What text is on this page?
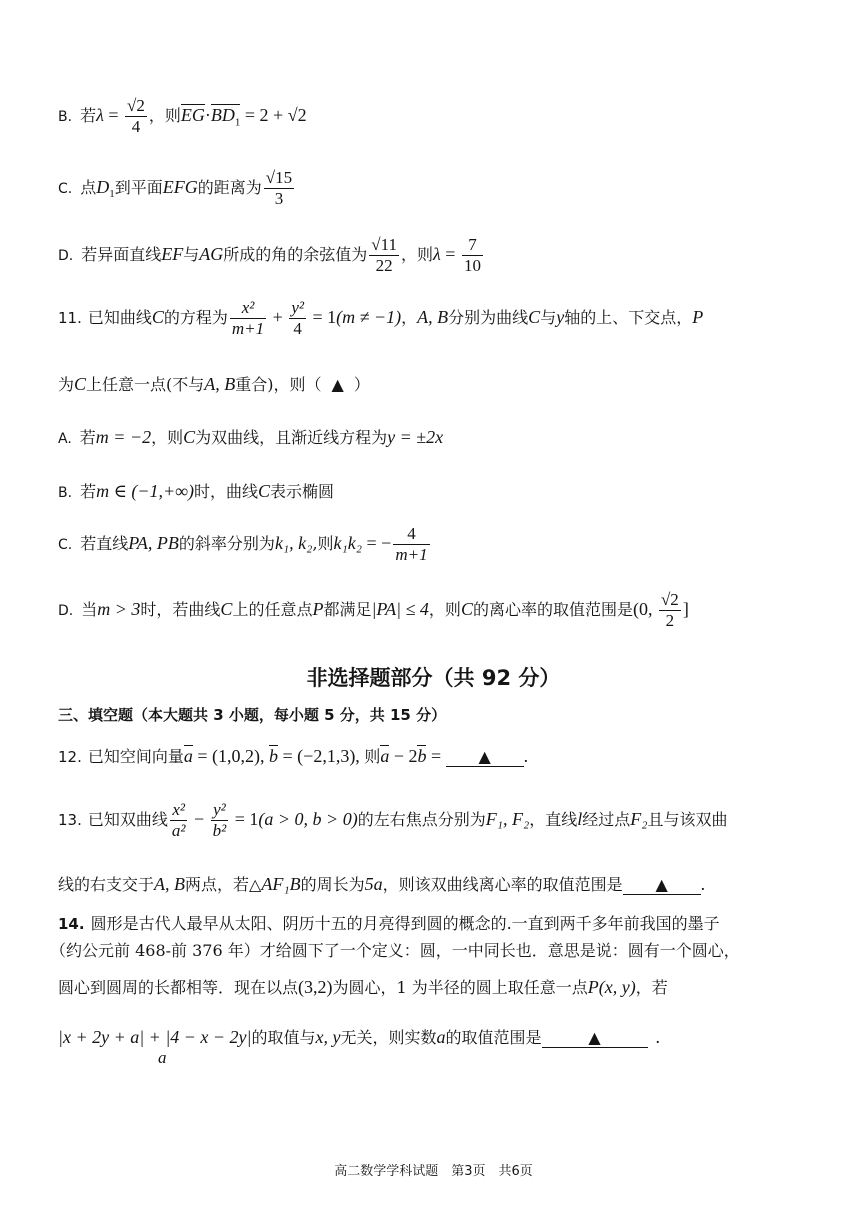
B. 若$\lambda = \frac{√2}{4}$ ，则$EG\cdot BD_1 = 2 + √2$
C. 点$D_1$到平面EFG的距离为 $\frac{√15}{3}$
D. 若异面直线EF与AG所成的角的余弦值为 $\frac{√11}{22}$ ，则$\lambda = \frac{7}{10}$
11. 已知曲线C的方程为 $\frac{\text{x²}}{m+1} + \frac{\text{y²}}{4} = 1(m \ne -1)$，A, B分别为曲线C与y轴的上、下交点，P
为C上任意一点(不与A, B重合)，则（ ▲ ）
A. 若m = −2，则C为双曲线，且渐近线方程为y = ±2x
B. 若m ∈ (−1,+∞)时，曲线C表示椭圆
C. 若直线PA, PB的斜率分别为k₁, k₂,则k₁k₂ = − $\frac{4}{m+1}$
D. 当m > 3时，若曲线C上的任意点P都满足|PA| ≤ 4，则C的离心率的取值范围是(0, $\frac{√2}{2}$ ]
非选择题部分（共 92 分）
三、填空题（本大题共 3 小题，每小题 5 分，共 15 分）
12. 已知空间向量a = (1,0,2), b = (−2,1,3), 则a − 2b = ▲ .
13. 已知双曲线 $\frac{\text{x²}}{\text{a²}} - \frac{\text{y²}}{\text{b²}} = 1(a > 0$, b > 0)的左右焦点分别为F₁, F₂，直线l经过点F₂且与该双曲
线的右支交于A, B两点，若△AF₁B的周长为5a，则该双曲线离心率的取值范围是 ▲ .
14. 圆形是古代人最早从太阳、阴历十五的月亮得到圆的概念的.一直到两千多年前我国的墨子
（约公元前 468-前 376 年）才给圆下了一个定义：圆，一中同长也．意思是说：圆有一个圆心，
圆心到圆周的长都相等．现在以点(3,2)为圆心，1 为半径的圆上取任意一点P(x, y)，若
|x + 2y + a| + |4 − x − 2y|的取值与x, y无关，则实数a的取值范围是	▲	.
a
高二数学学科试题　第3页　共6页
